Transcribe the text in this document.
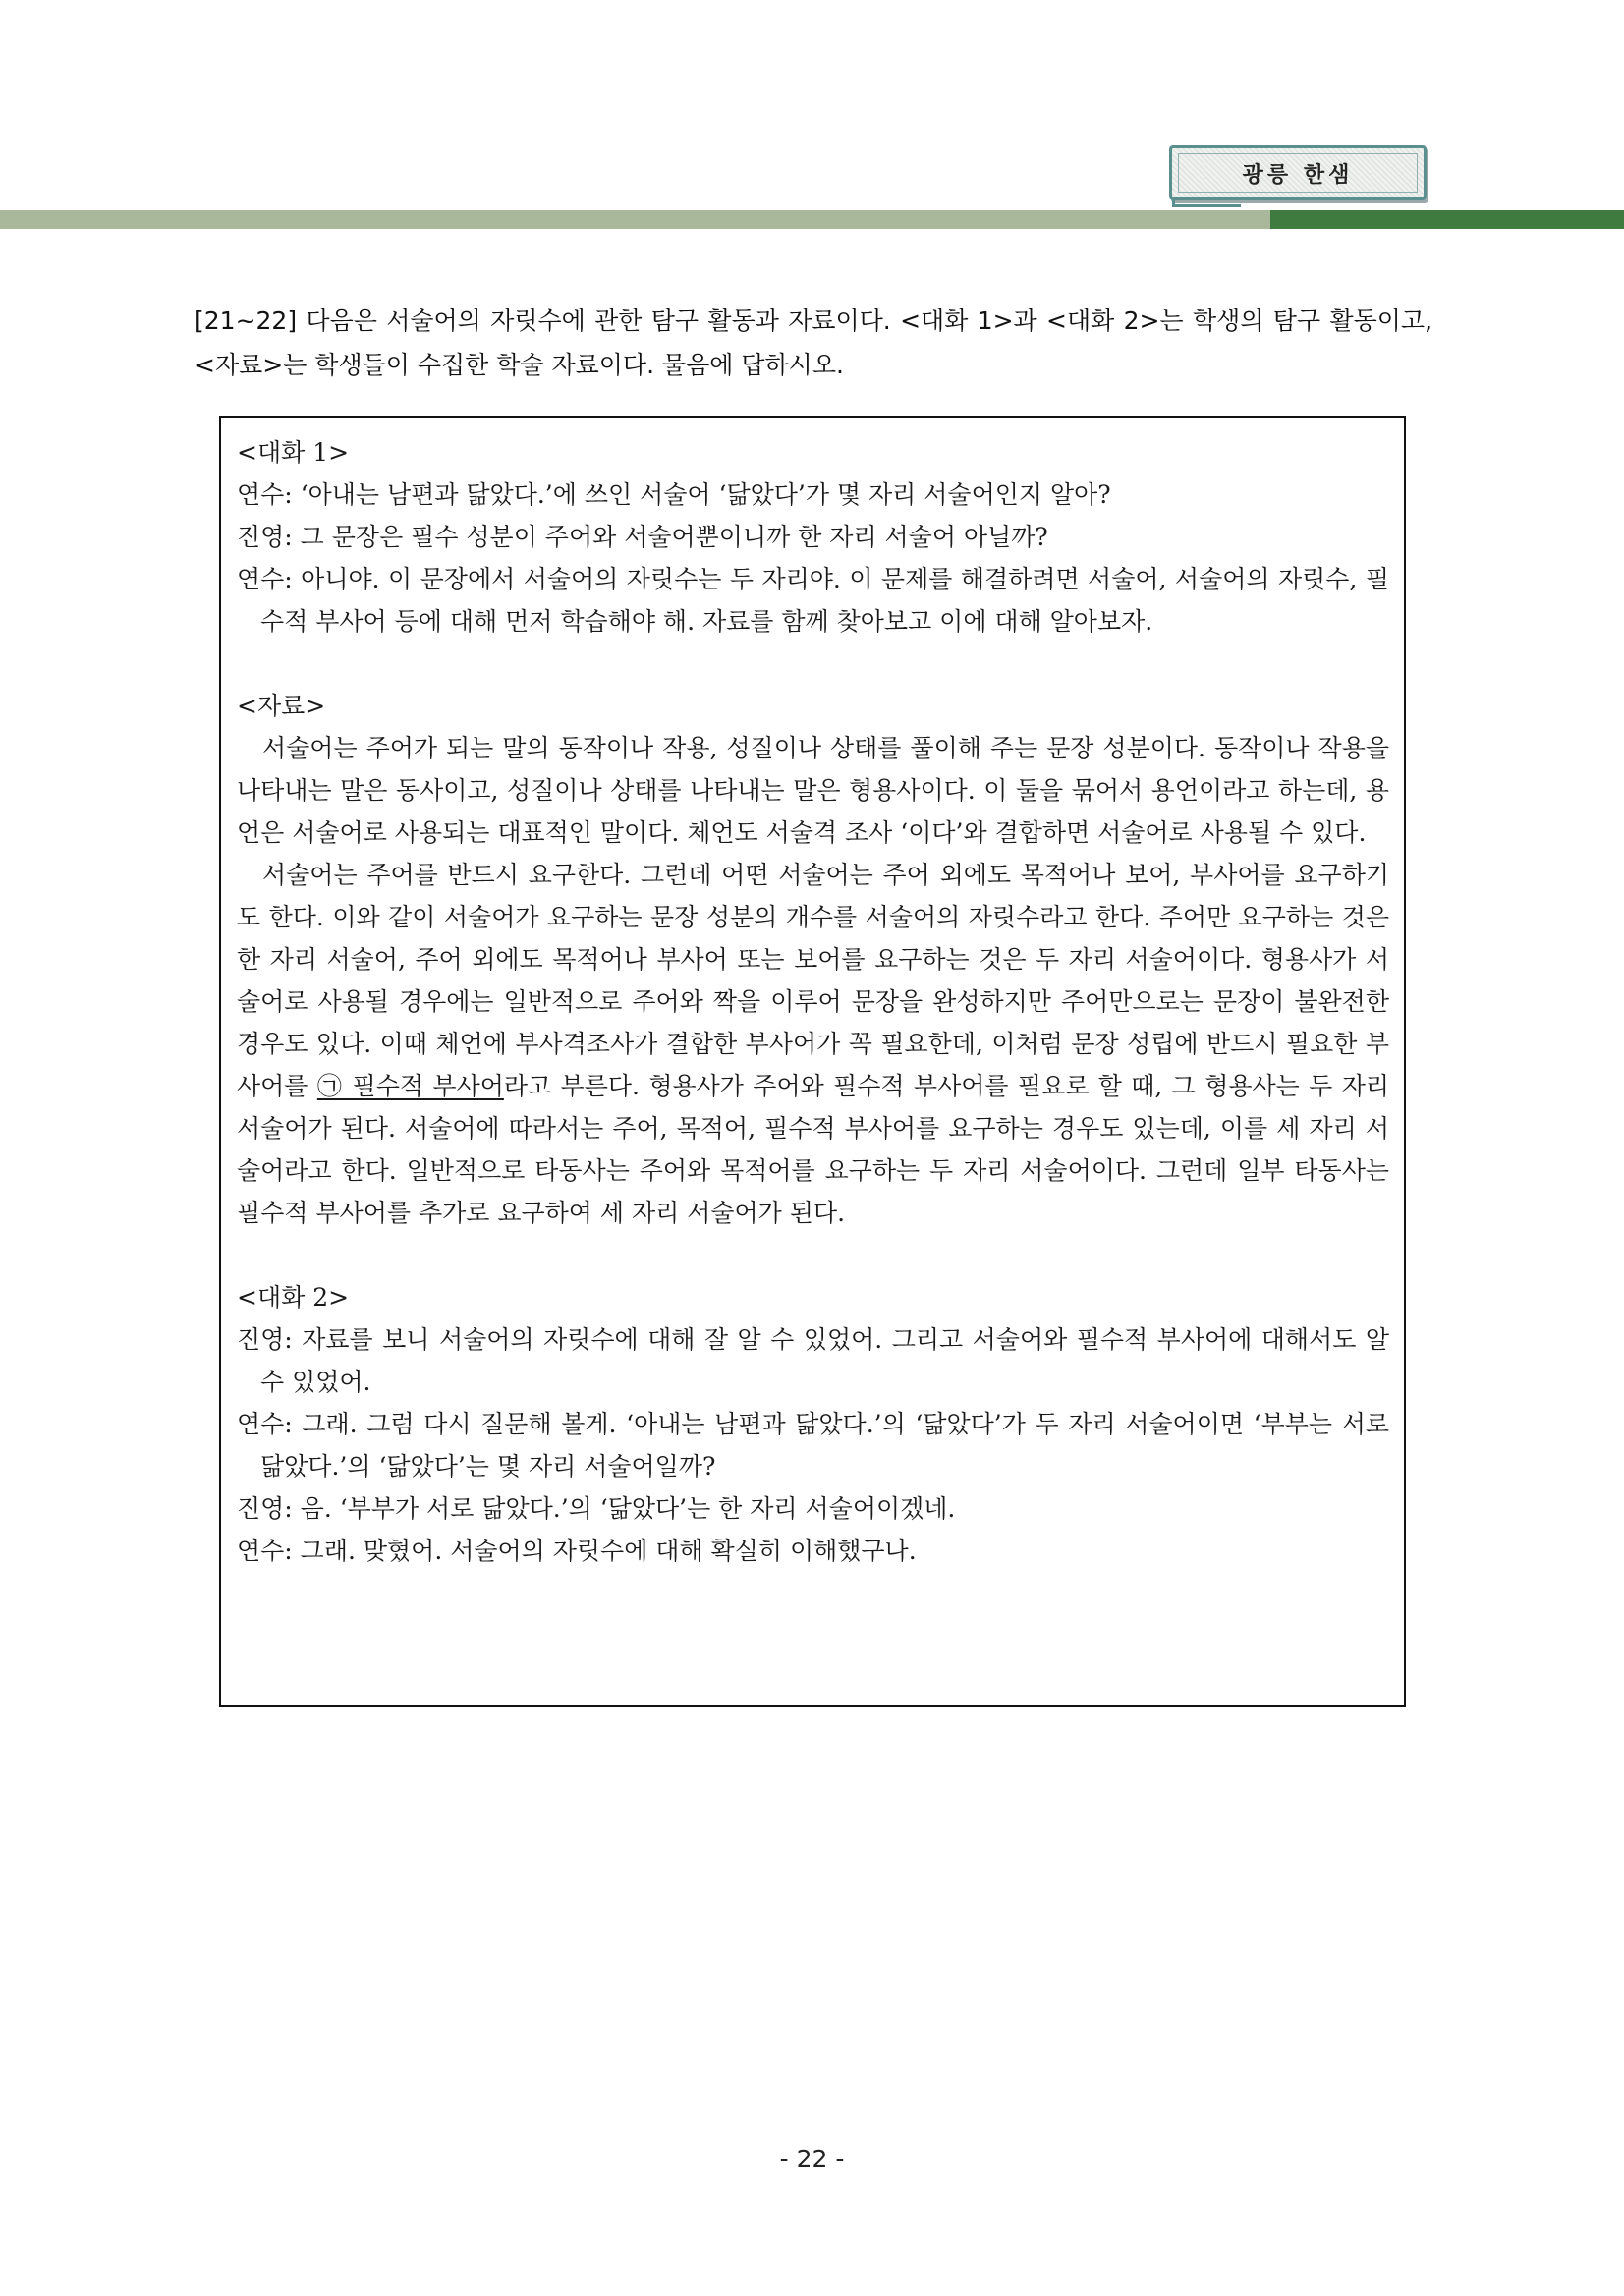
광릉 한샘
[21~22] 다음은 서술어의 자릿수에 관한 탐구 활동과 자료이다. <대화 1>과 <대화 2>는 학생의 탐구 활동이고, <자료>는 학생들이 수집한 학술 자료이다. 물음에 답하시오.

<대화 1>

연수: ‘아내는 남편과 닮았다.’에 쓰인 서술어 ‘닮았다’가 몇 자리 서술어인지 알아?

진영: 그 문장은 필수 성분이 주어와 서술어뿐이니까 한 자리 서술어 아닐까?

연수: 아니야. 이 문장에서 서술어의 자릿수는 두 자리야. 이 문제를 해결하려면 서술어, 서술어의 자릿수, 필수적 부사어 등에 대해 먼저 학습해야 해. 자료를 함께 찾아보고 이에 대해 알아보자.

<자료>

서술어는 주어가 되는 말의 동작이나 작용, 성질이나 상태를 풀이해 주는 문장 성분이다. 동작이나 작용을 나타내는 말은 동사이고, 성질이나 상태를 나타내는 말은 형용사이다. 이 둘을 묶어서 용언이라고 하는데, 용언은 서술어로 사용되는 대표적인 말이다. 체언도 서술격 조사 ‘이다’와 결합하면 서술어로 사용될 수 있다.

서술어는 주어를 반드시 요구한다. 그런데 어떤 서술어는 주어 외에도 목적어나 보어, 부사어를 요구하기도 한다. 이와 같이 서술어가 요구하는 문장 성분의 개수를 서술어의 자릿수라고 한다. 주어만 요구하는 것은 한 자리 서술어, 주어 외에도 목적어나 부사어 또는 보어를 요구하는 것은 두 자리 서술어이다. 형용사가 서술어로 사용될 경우에는 일반적으로 주어와 짝을 이루어 문장을 완성하지만 주어만으로는 문장이 불완전한 경우도 있다. 이때 체언에 부사격조사가 결합한 부사어가 꼭 필요한데, 이처럼 문장 성립에 반드시 필요한 부사어를 ㉠ 필수적 부사어라고 부른다. 형용사가 주어와 필수적 부사어를 필요로 할 때, 그 형용사는 두 자리 서술어가 된다. 서술어에 따라서는 주어, 목적어, 필수적 부사어를 요구하는 경우도 있는데, 이를 세 자리 서술어라고 한다. 일반적으로 타동사는 주어와 목적어를 요구하는 두 자리 서술어이다. 그런데 일부 타동사는 필수적 부사어를 추가로 요구하여 세 자리 서술어가 된다.

<대화 2>

진영: 자료를 보니 서술어의 자릿수에 대해 잘 알 수 있었어. 그리고 서술어와 필수적 부사어에 대해서도 알 수 있었어.

연수: 그래. 그럼 다시 질문해 볼게. ‘아내는 남편과 닮았다.’의 ‘닮았다’가 두 자리 서술어이면 ‘부부는 서로 닮았다.’의 ‘닮았다’는 몇 자리 서술어일까?

진영: 음. ‘부부가 서로 닮았다.’의 ‘닮았다’는 한 자리 서술어이겠네.

연수: 그래. 맞혔어. 서술어의 자릿수에 대해 확실히 이해했구나.

- 22 -
